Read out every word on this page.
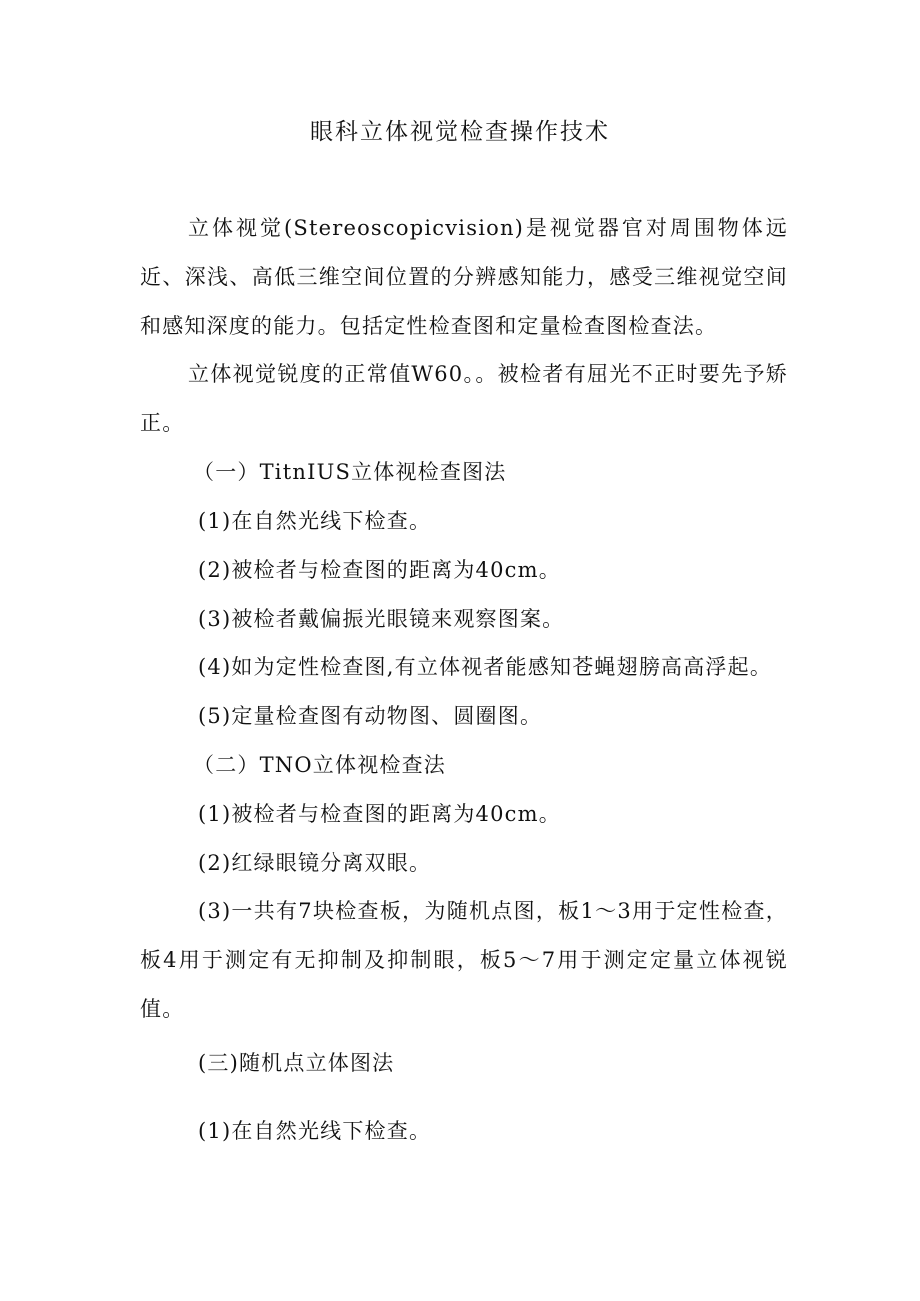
眼科立体视觉检查操作技术

立体视觉(Stereoscopicvision)是视觉器官对周围物体远近、深浅、高低三维空间位置的分辨感知能力，感受三维视觉空间和感知深度的能力。包括定性检查图和定量检查图检查法。

立体视觉锐度的正常值W60。。被检者有屈光不正时要先予矫正。

（一）TitnIUS立体视检查图法

(1)在自然光线下检查。

(2)被检者与检查图的距离为40cm。

(3)被检者戴偏振光眼镜来观察图案。

(4)如为定性检查图,有立体视者能感知苍蝇翅膀高高浮起。

(5)定量检查图有动物图、圆圈图。

（二）TNO立体视检查法

(1)被检者与检查图的距离为40cm。

(2)红绿眼镜分离双眼。

(3)一共有7块检查板，为随机点图，板1〜3用于定性检查，板4用于测定有无抑制及抑制眼，板5〜7用于测定定量立体视锐值。

(三)随机点立体图法

(1)在自然光线下检查。
